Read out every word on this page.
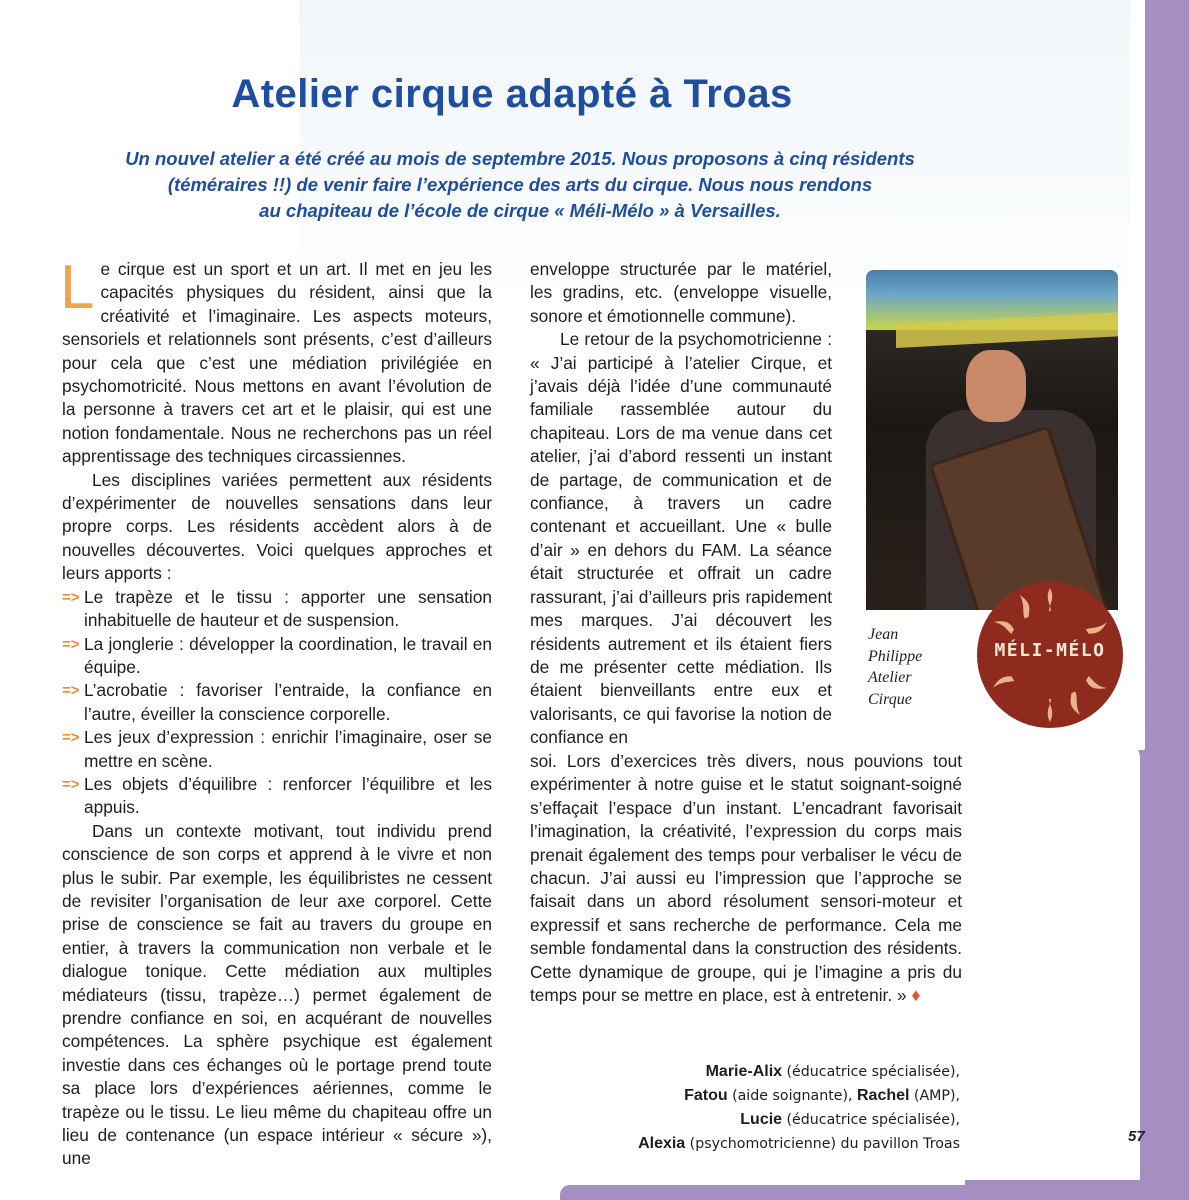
Atelier cirque adapté à Troas
Un nouvel atelier a été créé au mois de septembre 2015. Nous proposons à cinq résidents
(téméraires !!) de venir faire l’expérience des arts du cirque. Nous nous rendons
au chapiteau de l’école de cirque « Méli-Mélo » à Versailles.

Le cirque est un sport et un art. Il met en jeu les capacités physiques du résident, ainsi que la créativité et l’imaginaire. Les aspects moteurs, sensoriels et relationnels sont présents, c’est d’ailleurs pour cela que c’est une médiation privilégiée en psychomotricité. Nous mettons en avant l’évolution de la personne à travers cet art et le plaisir, qui est une notion fondamentale. Nous ne recherchons pas un réel apprentissage des techniques circassiennes.

Les disciplines variées permettent aux résidents d’expérimenter de nouvelles sensations dans leur propre corps. Les résidents accèdent alors à de nouvelles découvertes. Voici quelques approches et leurs apports :

=> Le trapèze et le tissu : apporter une sensation inhabituelle de hauteur et de suspension.
=> La jonglerie : développer la coordination, le travail en équipe.
=> L’acrobatie : favoriser l’entraide, la confiance en l’autre, éveiller la conscience corporelle.
=> Les jeux d’expression : enrichir l’imaginaire, oser se mettre en scène.
=> Les objets d’équilibre : renforcer l’équilibre et les appuis.

Dans un contexte motivant, tout individu prend conscience de son corps et apprend à le vivre et non plus le subir. Par exemple, les équilibristes ne cessent de revisiter l’organisation de leur axe corporel. Cette prise de conscience se fait au travers du groupe en entier, à travers la communication non verbale et le dialogue tonique. Cette médiation aux multiples médiateurs (tissu, trapèze…) permet également de prendre confiance en soi, en acquérant de nouvelles compétences. La sphère psychique est également investie dans ces échanges où le portage prend toute sa place lors d’expériences aériennes, comme le trapèze ou le tissu. Le lieu même du chapiteau offre un lieu de contenance (un espace intérieur « sécure »), une

enveloppe structurée par le matériel, les gradins, etc. (enveloppe visuelle, sonore et émotionnelle commune).

Le retour de la psychomotricienne : « J’ai participé à l’atelier Cirque, et j’avais déjà l’idée d’une communauté familiale rassemblée autour du chapiteau. Lors de ma venue dans cet atelier, j’ai d’abord ressenti un instant de partage, de communication et de confiance, à travers un cadre contenant et accueillant. Une « bulle d’air » en dehors du FAM. La séance était structurée et offrait un cadre rassurant, j’ai d’ailleurs pris rapidement mes marques. J’ai découvert les résidents autrement et ils étaient fiers de me présenter cette médiation. Ils étaient bienveillants entre eux et valorisants, ce qui favorise la notion de confiance en

soi. Lors d’exercices très divers, nous pouvions tout expérimenter à notre guise et le statut soignant-soigné s’effaçait l’espace d’un instant. L’encadrant favorisait l’imagination, la créativité, l’expression du corps mais prenait également des temps pour verbaliser le vécu de chacun. J’ai aussi eu l’impression que l’approche se faisait dans un abord résolument sensori-moteur et expressif et sans recherche de performance. Cela me semble fondamental dans la construction des résidents. Cette dynamique de groupe, qui je l’imagine a pris du temps pour se mettre en place, est à entretenir. » ♦

Jean
Philippe
Atelier
Cirque
MÉLI-MÉLO
Marie-Alix (éducatrice spécialisée),
Fatou (aide soignante), Rachel (AMP),
Lucie (éducatrice spécialisée),
Alexia (psychomotricienne) du pavillon Troas	57
